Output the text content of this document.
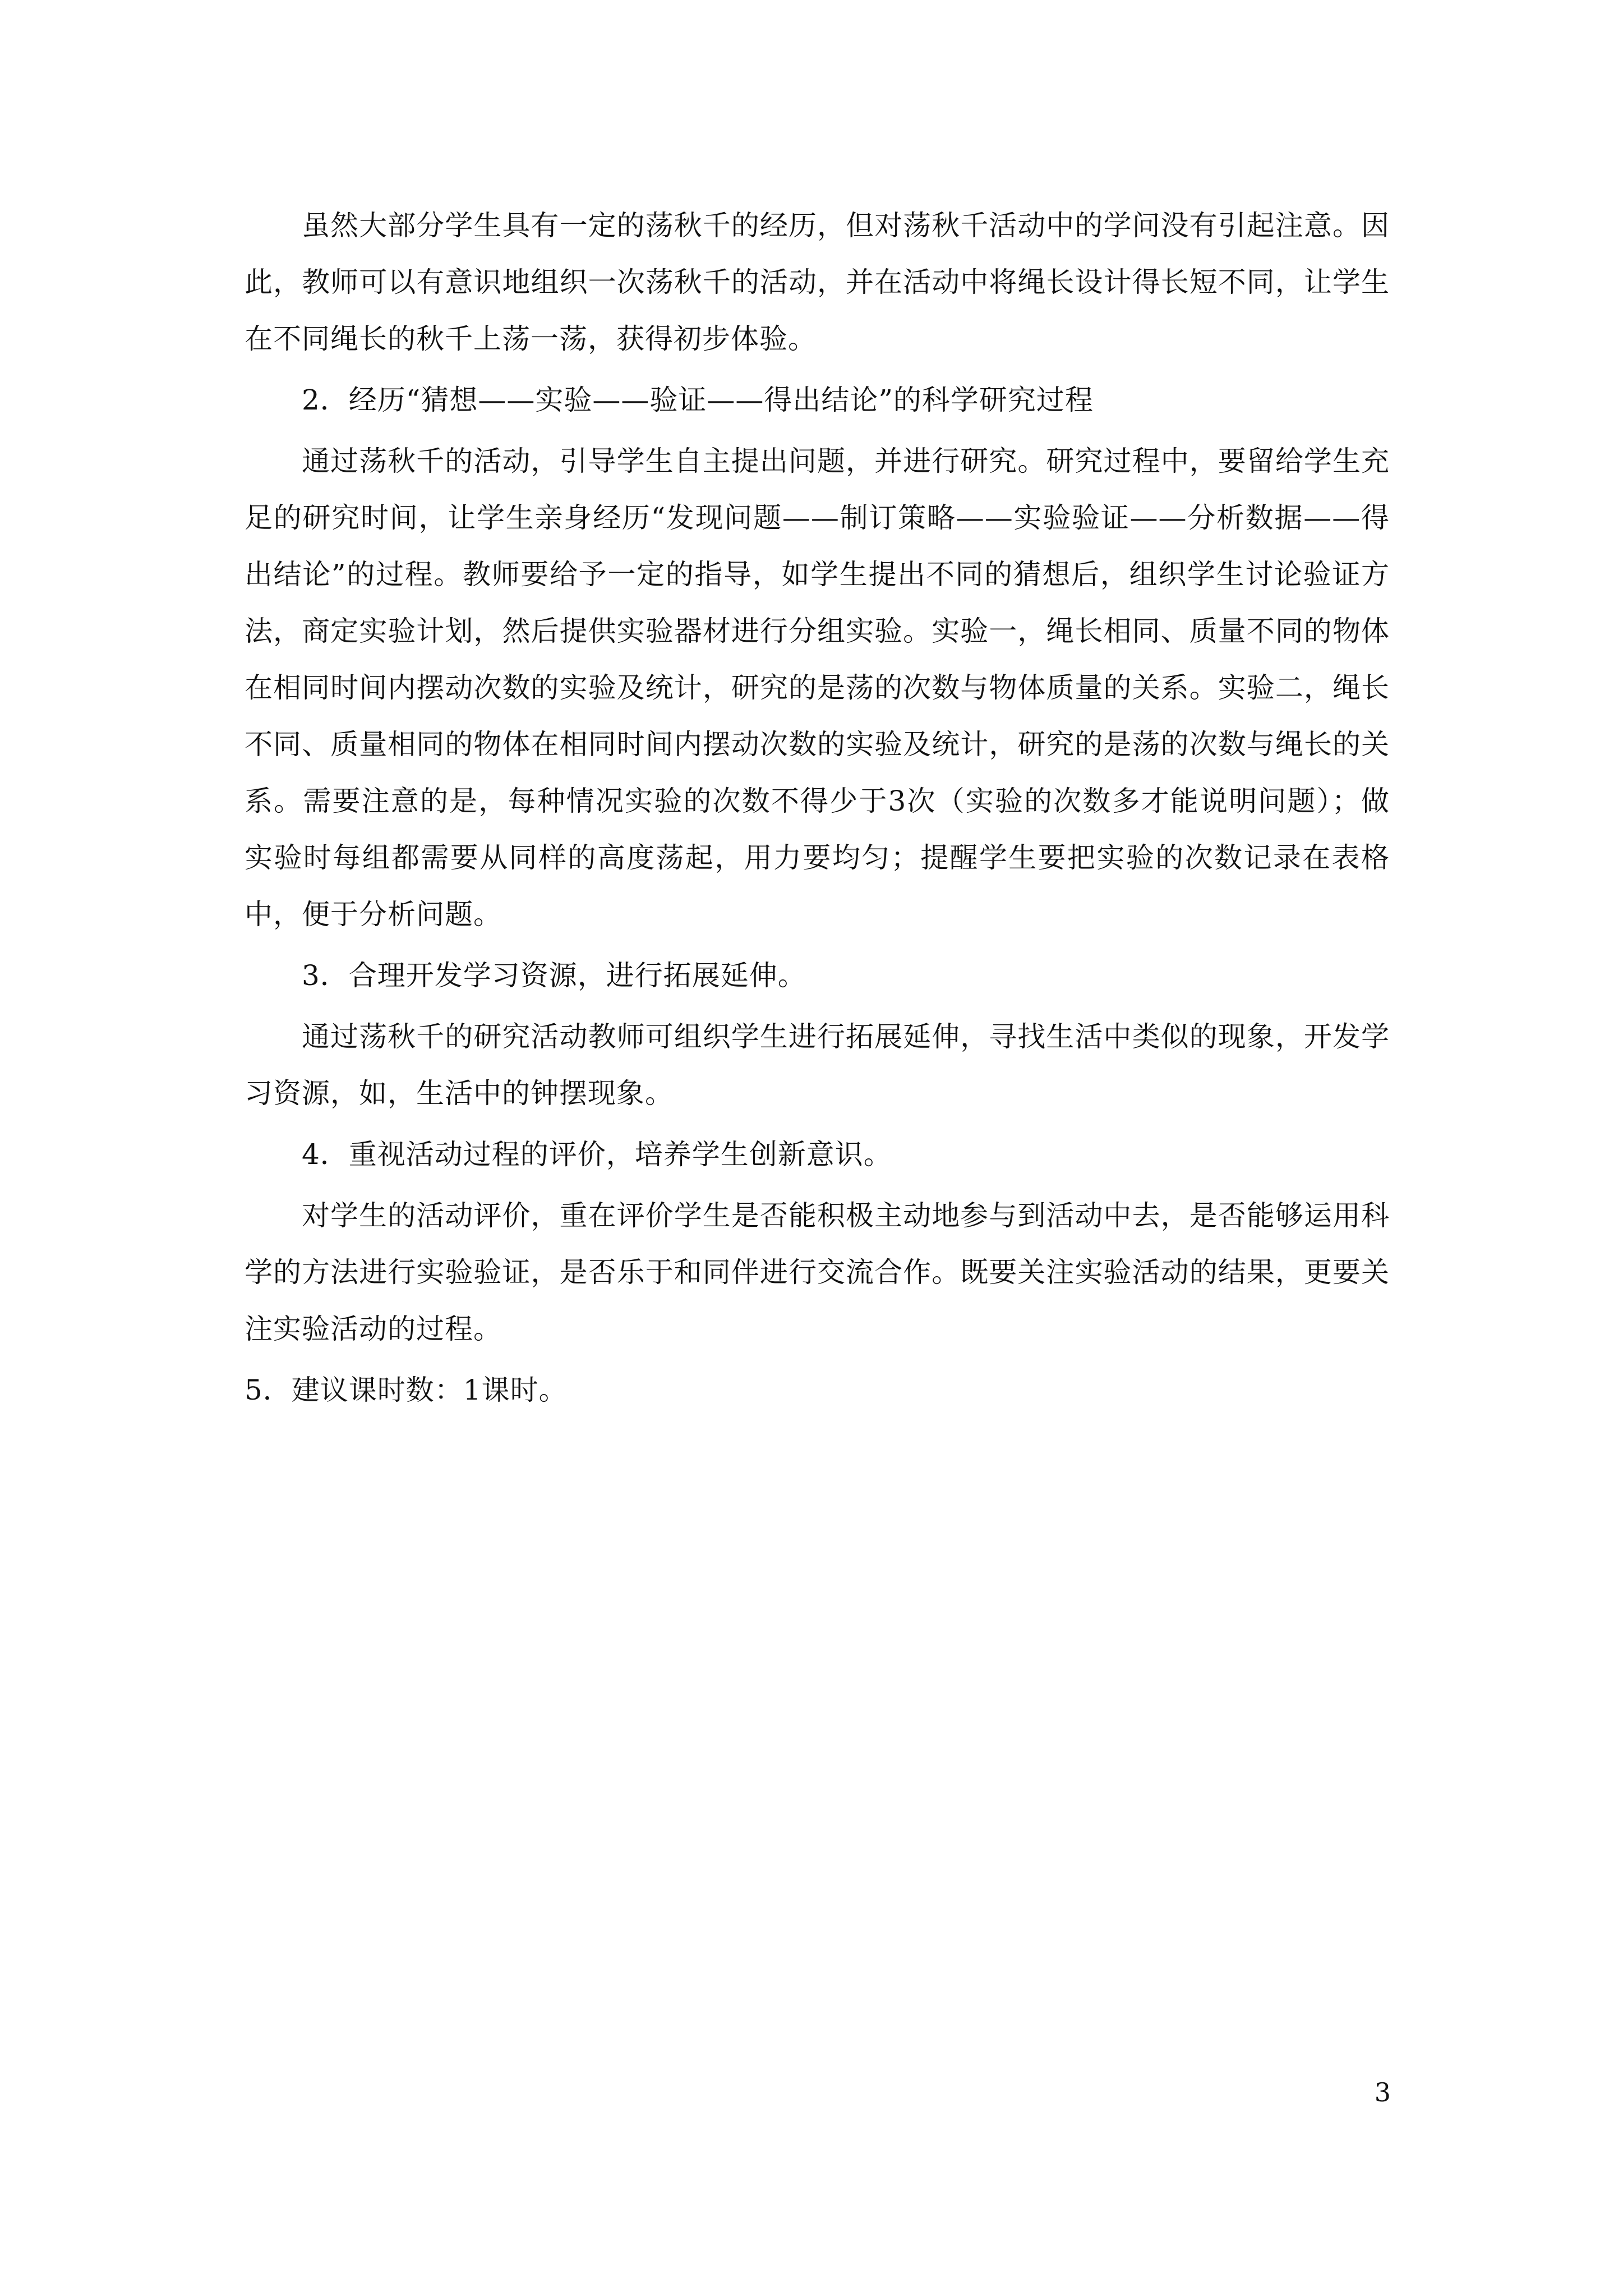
虽然大部分学生具有一定的荡秋千的经历，但对荡秋千活动中的学问没有引起注意。因此，教师可以有意识地组织一次荡秋千的活动，并在活动中将绳长设计得长短不同，让学生在不同绳长的秋千上荡一荡，获得初步体验。

2．经历“猜想——实验——验证——得出结论”的科学研究过程

通过荡秋千的活动，引导学生自主提出问题，并进行研究。研究过程中，要留给学生充足的研究时间，让学生亲身经历“发现问题——制订策略——实验验证——分析数据——得出结论”的过程。教师要给予一定的指导，如学生提出不同的猜想后，组织学生讨论验证方法，商定实验计划，然后提供实验器材进行分组实验。实验一，绳长相同、质量不同的物体在相同时间内摆动次数的实验及统计，研究的是荡的次数与物体质量的关系。实验二，绳长不同、质量相同的物体在相同时间内摆动次数的实验及统计，研究的是荡的次数与绳长的关系。需要注意的是，每种情况实验的次数不得少于3次（实验的次数多才能说明问题）；做实验时每组都需要从同样的高度荡起，用力要均匀；提醒学生要把实验的次数记录在表格中，便于分析问题。

3．合理开发学习资源，进行拓展延伸。

通过荡秋千的研究活动教师可组织学生进行拓展延伸，寻找生活中类似的现象，开发学习资源，如，生活中的钟摆现象。

4．重视活动过程的评价，培养学生创新意识。

对学生的活动评价，重在评价学生是否能积极主动地参与到活动中去，是否能够运用科学的方法进行实验验证，是否乐于和同伴进行交流合作。既要关注实验活动的结果，更要关注实验活动的过程。

5．建议课时数：1课时。

3
